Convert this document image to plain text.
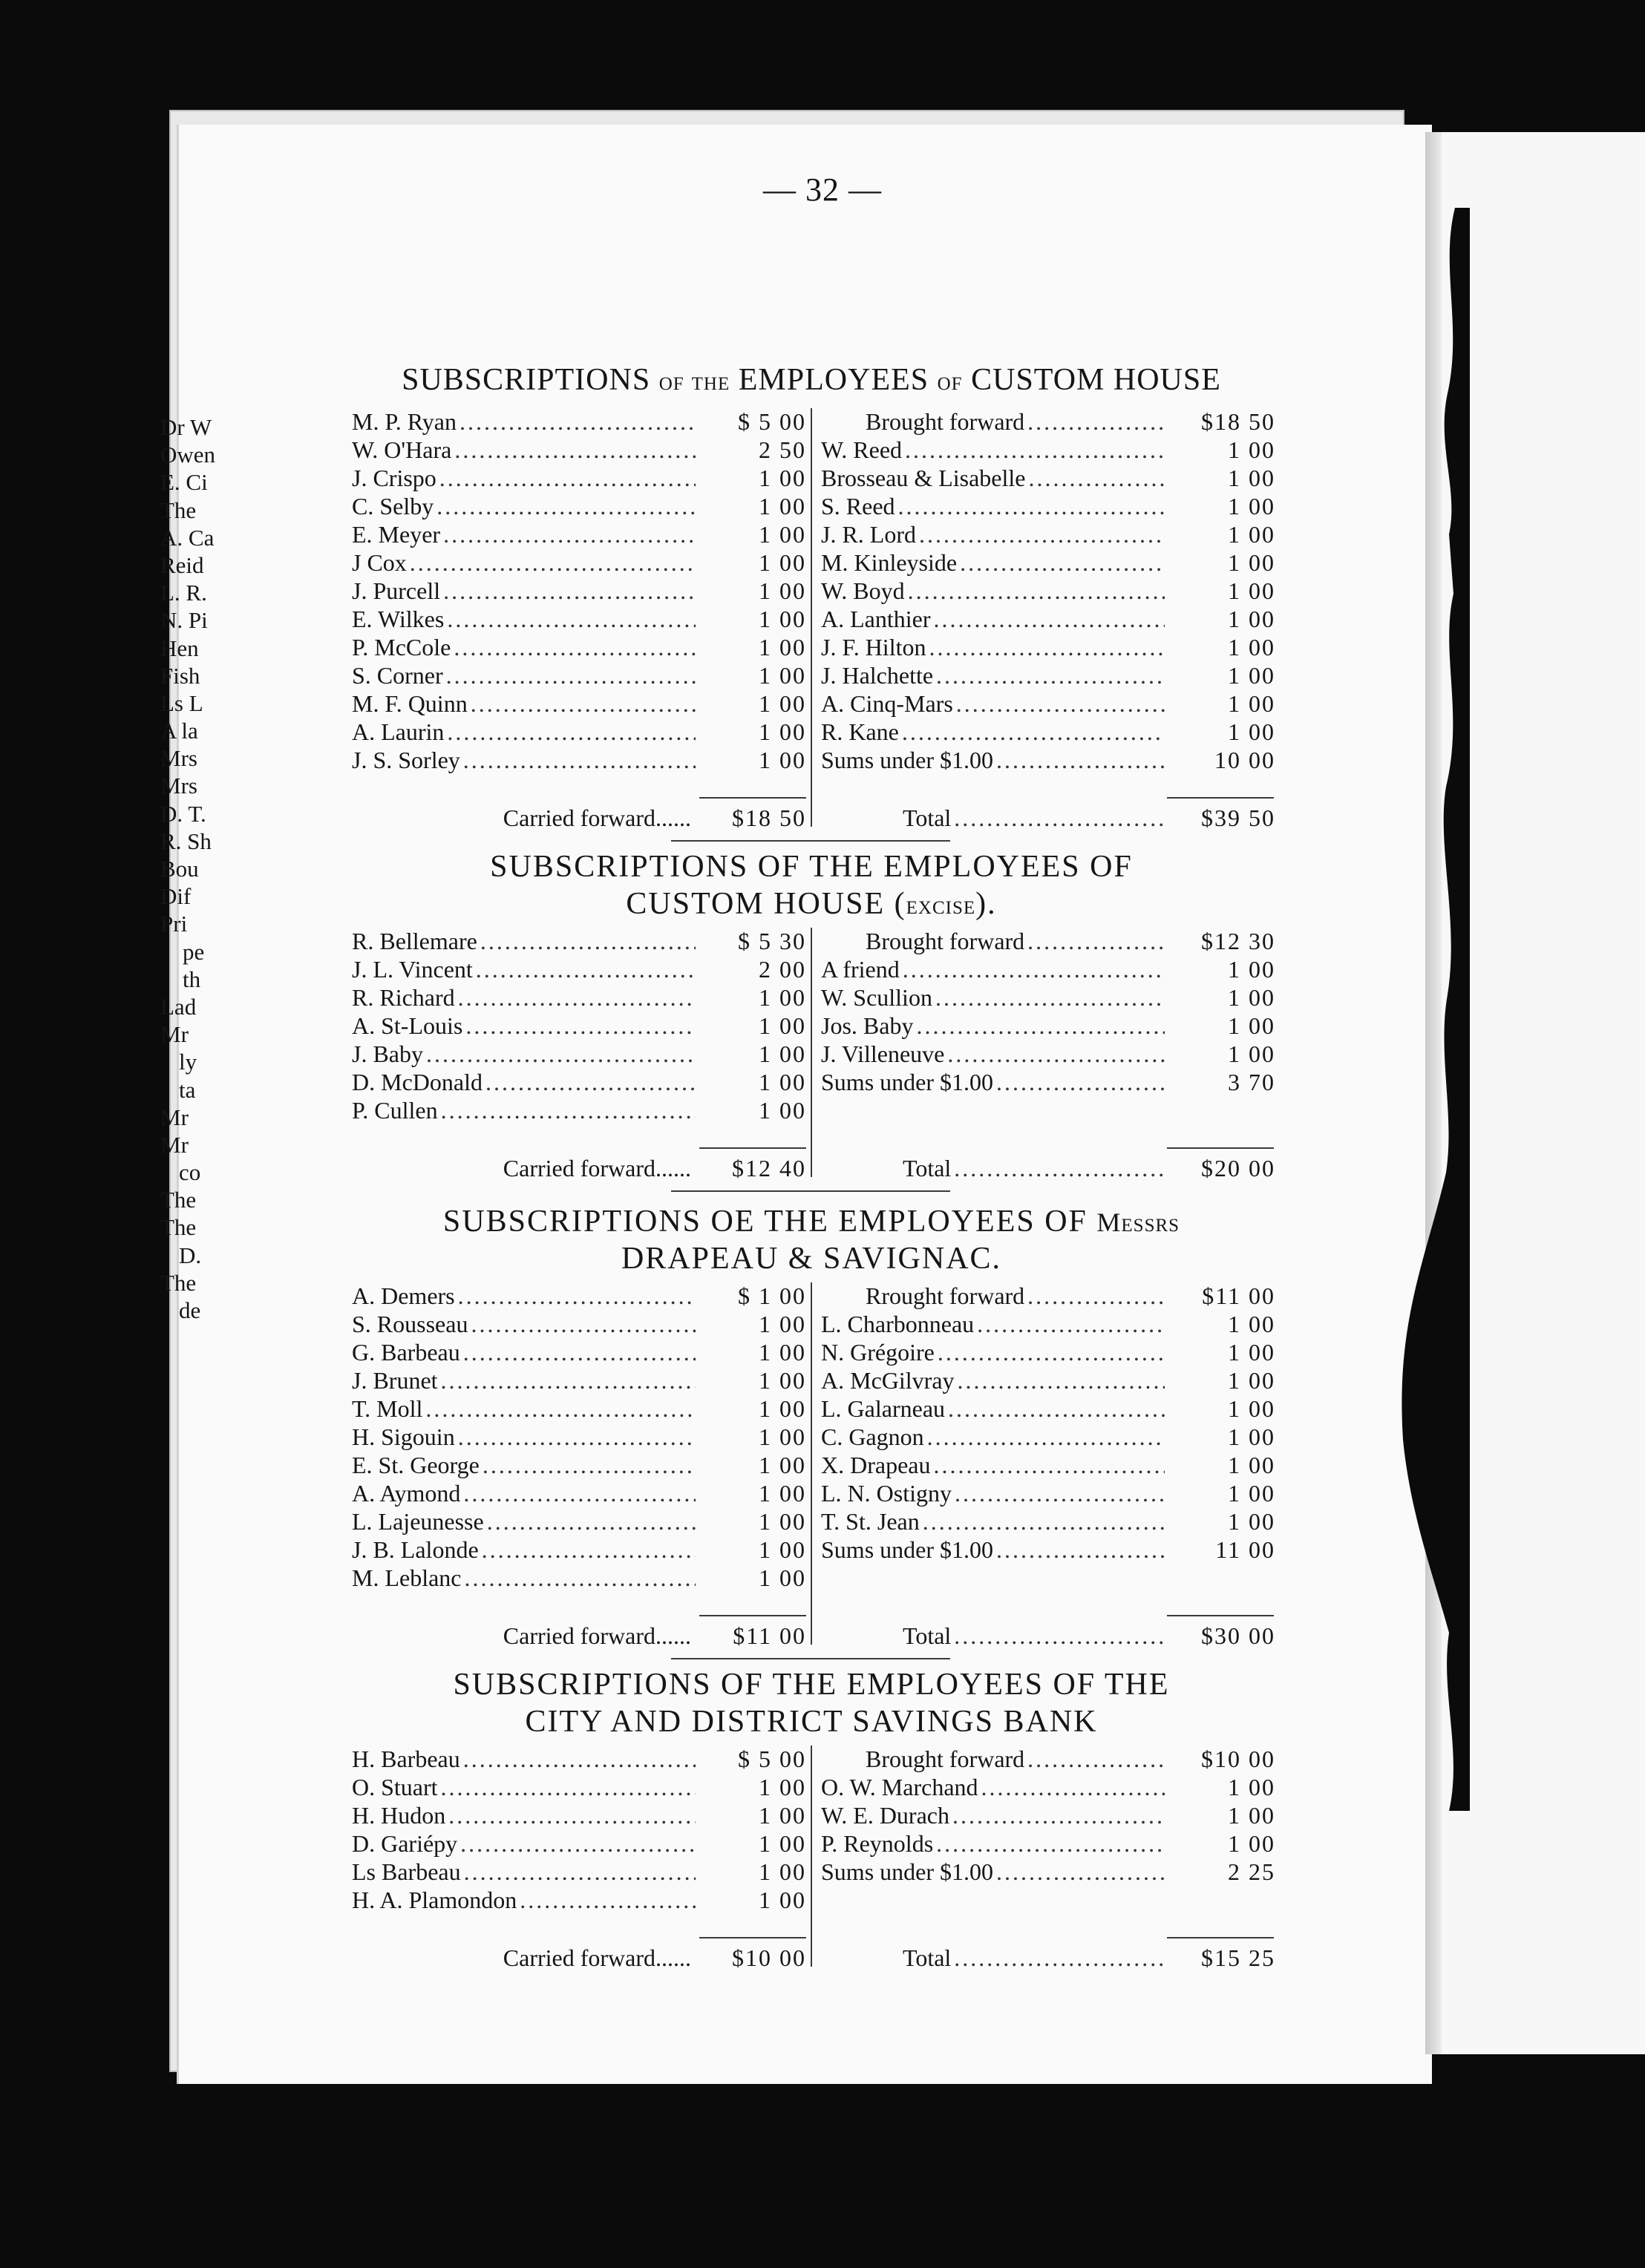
Dr W
Owen
E. Ci
The
A. Ca
Reid
L. R.
N. Pi
Hen
Fish
Ls L
A la
Mrs
Mrs
D. T.
R. Sh
Bou
Dif
Pri
pe
th
Lad
Mr
ly
ta
Mr
Mr
co
The
The
D.
The
de
— 32 —
SUBSCRIPTIONS of the EMPLOYEES of CUSTOM HOUSE
M. P. Ryan .....	$ 5 00
W. O'Hara .....	2 50
J. Crispo .....	1 00
C. Selby .....	1 00
E. Meyer .....	1 00
J Cox .....	1 00
J. Purcell .....	1 00
E. Wilkes .....	1 00
P. McCole .....	1 00
S. Corner .....	1 00
M. F. Quinn .....	1 00
A. Laurin .....	1 00
J. S. Sorley .....	1 00
Brought forward .....	$18 50
W. Reed .....	1 00
Brosseau & Lisabelle .....	1 00
S. Reed .....	1 00
J. R. Lord .....	1 00
M. Kinleyside .....	1 00
W. Boyd .....	1 00
A. Lanthier .....	1 00
J. F. Hilton .....	1 00
J. Halchette .....	1 00
A. Cinq-Mars .....	1 00
R. Kane .....	1 00
Sums under $1.00 .....	10 00
Carried forward......	$18 50	Total .....	$39 50
SUBSCRIPTIONS OF THE EMPLOYEES OF
CUSTOM HOUSE (excise).
R. Bellemare .....	$ 5 30
J. L. Vincent .....	2 00
R. Richard .....	1 00
A. St-Louis .....	1 00
J. Baby .....	1 00
D. McDonald .....	1 00
P. Cullen .....	1 00
Brought forward .....	$12 30
A friend .....	1 00
W. Scullion .....	1 00
Jos. Baby .....	1 00
J. Villeneuve .....	1 00
Sums under $1.00 .....	3 70
Carried forward......	$12 40	Total .....	$20 00
SUBSCRIPTIONS OE THE EMPLOYEES OF Messrs
DRAPEAU & SAVIGNAC.
A. Demers .....	$ 1 00
S. Rousseau .....	1 00
G. Barbeau .....	1 00
J. Brunet .....	1 00
T. Moll .....	1 00
H. Sigouin .....	1 00
E. St. George .....	1 00
A. Aymond .....	1 00
L. Lajeunesse .....	1 00
J. B. Lalonde .....	1 00
M. Leblanc .....	1 00
Rrought forward .....	$11 00
L. Charbonneau .....	1 00
N. Grégoire .....	1 00
A. McGilvray .....	1 00
L. Galarneau .....	1 00
C. Gagnon .....	1 00
X. Drapeau .....	1 00
L. N. Ostigny .....	1 00
T. St. Jean .....	1 00
Sums under $1.00 .....	11 00
Carried forward......	$11 00	Total .....	$30 00
SUBSCRIPTIONS OF THE EMPLOYEES OF THE
CITY AND DISTRICT SAVINGS BANK
H. Barbeau .....	$ 5 00
O. Stuart .....	1 00
H. Hudon .....	1 00
D. Gariépy .....	1 00
Ls Barbeau .....	1 00
H. A. Plamondon .....	1 00
Brought forward .....	$10 00
O. W. Marchand .....	1 00
W. E. Durach .....	1 00
P. Reynolds .....	1 00
Sums under $1.00 .....	2 25
Carried forward......	$10 00	Total .....	$15 25
